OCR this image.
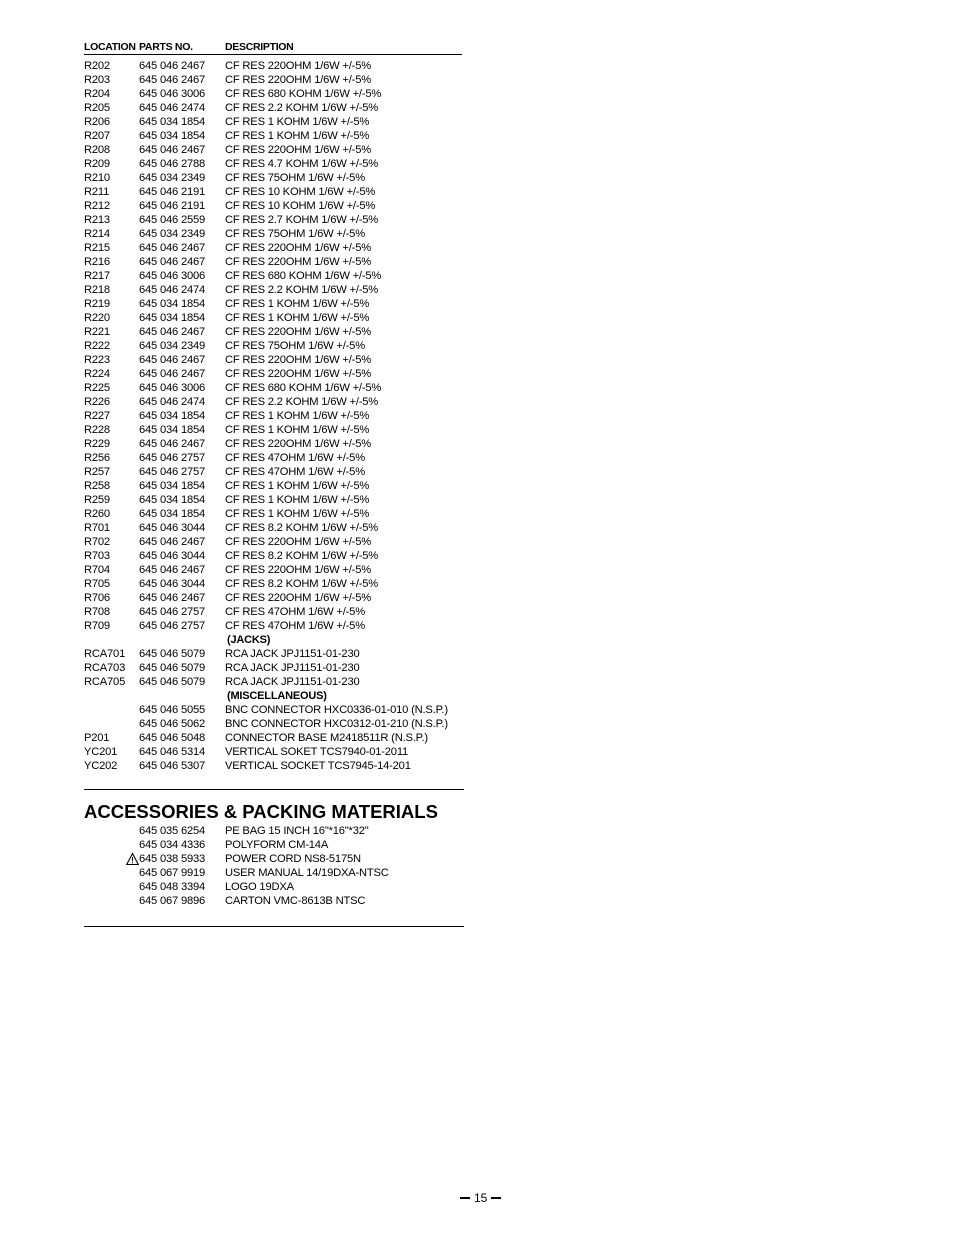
LOCATION PARTS NO.	DESCRIPTION
R202	645 046 2467	CF RES 220OHM 1/6W +/-5%
R203	645 046 2467	CF RES 220OHM 1/6W +/-5%
R204	645 046 3006	CF RES 680 KOHM 1/6W +/-5%
R205	645 046 2474	CF RES 2.2 KOHM 1/6W +/-5%
R206	645 034 1854	CF RES 1 KOHM 1/6W +/-5%
R207	645 034 1854	CF RES 1 KOHM 1/6W +/-5%
R208	645 046 2467	CF RES 220OHM 1/6W +/-5%
R209	645 046 2788	CF RES 4.7 KOHM 1/6W +/-5%
R210	645 034 2349	CF RES 75OHM 1/6W +/-5%
R211	645 046 2191	CF RES 10 KOHM 1/6W +/-5%
R212	645 046 2191	CF RES 10 KOHM 1/6W +/-5%
R213	645 046 2559	CF RES 2.7 KOHM 1/6W +/-5%
R214	645 034 2349	CF RES 75OHM 1/6W +/-5%
R215	645 046 2467	CF RES 220OHM 1/6W +/-5%
R216	645 046 2467	CF RES 220OHM 1/6W +/-5%
R217	645 046 3006	CF RES 680 KOHM 1/6W +/-5%
R218	645 046 2474	CF RES 2.2 KOHM 1/6W +/-5%
R219	645 034 1854	CF RES 1 KOHM 1/6W +/-5%
R220	645 034 1854	CF RES 1 KOHM 1/6W +/-5%
R221	645 046 2467	CF RES 220OHM 1/6W +/-5%
R222	645 034 2349	CF RES 75OHM 1/6W +/-5%
R223	645 046 2467	CF RES 220OHM 1/6W +/-5%
R224	645 046 2467	CF RES 220OHM 1/6W +/-5%
R225	645 046 3006	CF RES 680 KOHM 1/6W +/-5%
R226	645 046 2474	CF RES 2.2 KOHM 1/6W +/-5%
R227	645 034 1854	CF RES 1 KOHM 1/6W +/-5%
R228	645 034 1854	CF RES 1 KOHM 1/6W +/-5%
R229	645 046 2467	CF RES 220OHM 1/6W +/-5%
R256	645 046 2757	CF RES 47OHM 1/6W +/-5%
R257	645 046 2757	CF RES 47OHM 1/6W +/-5%
R258	645 034 1854	CF RES 1 KOHM 1/6W +/-5%
R259	645 034 1854	CF RES 1 KOHM 1/6W +/-5%
R260	645 034 1854	CF RES 1 KOHM 1/6W +/-5%
R701	645 046 3044	CF RES 8.2 KOHM 1/6W +/-5%
R702	645 046 2467	CF RES 220OHM 1/6W +/-5%
R703	645 046 3044	CF RES 8.2 KOHM 1/6W +/-5%
R704	645 046 2467	CF RES 220OHM 1/6W +/-5%
R705	645 046 3044	CF RES 8.2 KOHM 1/6W +/-5%
R706	645 046 2467	CF RES 220OHM 1/6W +/-5%
R708	645 046 2757	CF RES 47OHM 1/6W +/-5%
R709	645 046 2757	CF RES 47OHM 1/6W +/-5%
(JACKS)
RCA701	645 046 5079	RCA JACK JPJ1151-01-230
RCA703	645 046 5079	RCA JACK JPJ1151-01-230
RCA705	645 046 5079	RCA JACK JPJ1151-01-230
(MISCELLANEOUS)
645 046 5055	BNC CONNECTOR HXC0336-01-010 (N.S.P.)
645 046 5062	BNC CONNECTOR HXC0312-01-210 (N.S.P.)
P201	645 046 5048	CONNECTOR BASE M2418511R (N.S.P.)
YC201	645 046 5314	VERTICAL SOKET TCS7940-01-2011
YC202	645 046 5307	VERTICAL SOCKET TCS7945-14-201
ACCESSORIES & PACKING MATERIALS
645 035 6254	PE BAG 15 INCH 16"*16"*32"
645 034 4336	POLYFORM CM-14A
645 038 5933	POWER CORD NS8-5175N
645 067 9919	USER MANUAL 14/19DXA-NTSC
645 048 3394	LOGO 19DXA
645 067 9896	CARTON VMC-8613B NTSC
15
